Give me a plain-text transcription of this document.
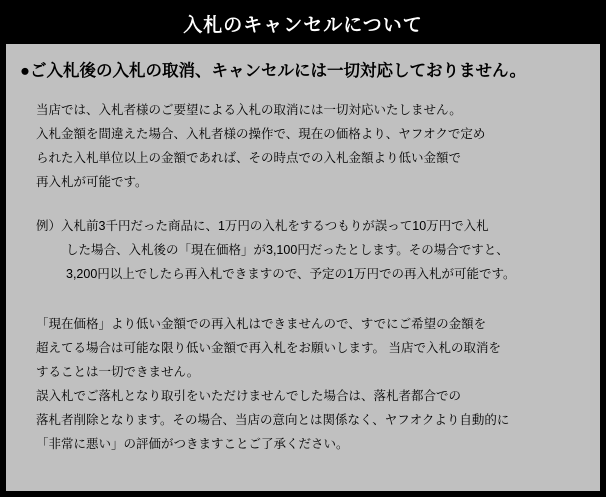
入札のキャンセルについて
●ご入札後の入札の取消、キャンセルには一切対応しておりません。
当店では、入札者様のご要望による入札の取消には一切対応いたしません。
入札金額を間違えた場合、入札者様の操作で、現在の価格より、ヤフオクで定め
られた入札単位以上の金額であれば、その時点での入札金額より低い金額で
再入札が可能です。
例）入札前3千円だった商品に、1万円の入札をするつもりが誤って10万円で入札
した場合、入札後の「現在価格」が3,100円だったとします。その場合ですと、
3,200円以上でしたら再入札できますので、予定の1万円での再入札が可能です。
「現在価格」より低い金額での再入札はできませんので、すでにご希望の金額を
超えてる場合は可能な限り低い金額で再入札をお願いします。 当店で入札の取消を
することは一切できません。
誤入札でご落札となり取引をいただけませんでした場合は、落札者都合での
落札者削除となります。その場合、当店の意向とは関係なく、ヤフオクより自動的に
「非常に悪い」の評価がつきますことご了承ください。
